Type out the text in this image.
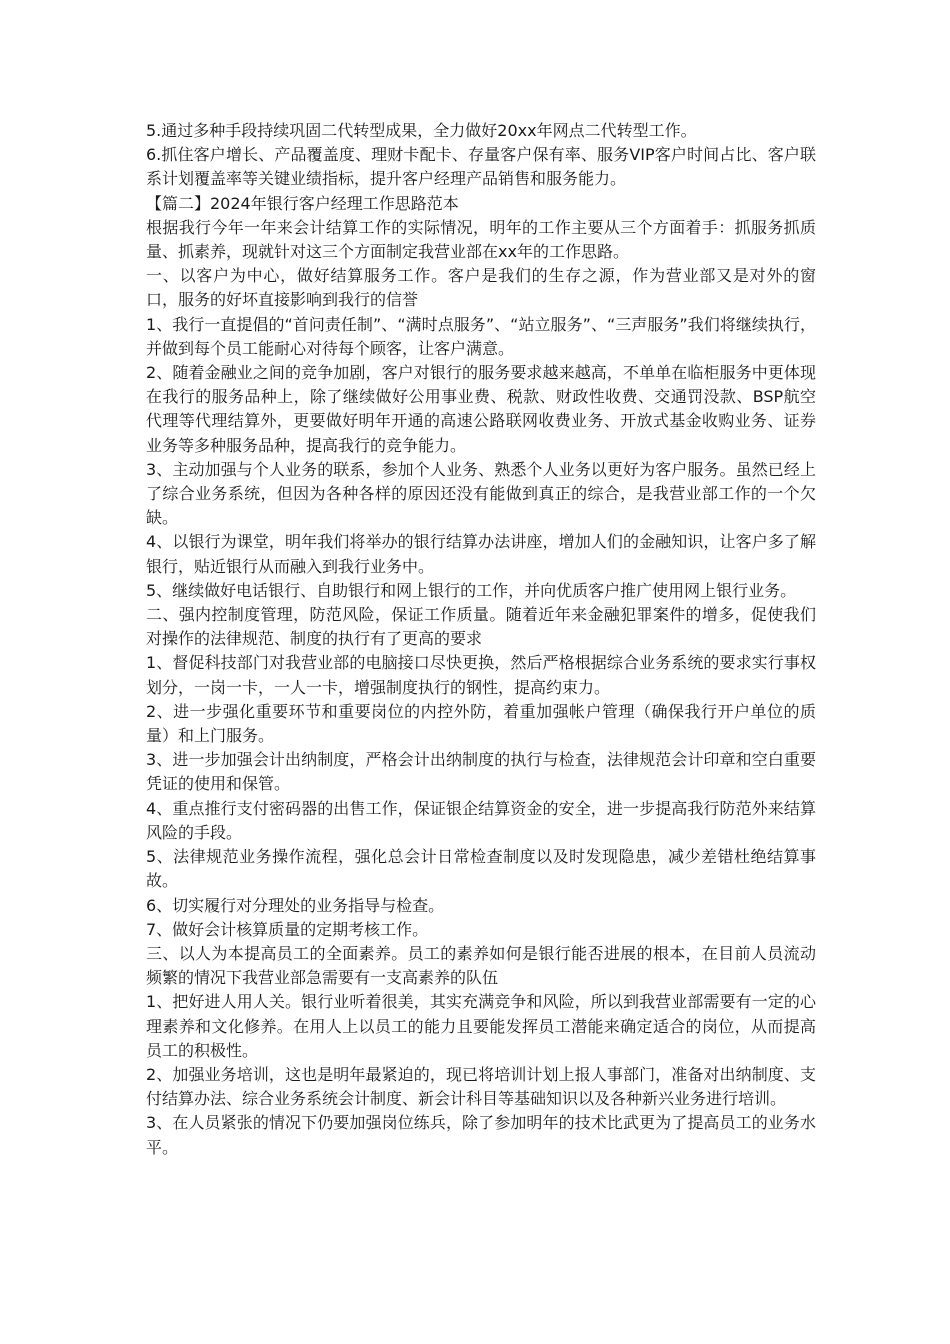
5.通过多种手段持续巩固二代转型成果，全力做好20xx年网点二代转型工作。

6.抓住客户增长、产品覆盖度、理财卡配卡、存量客户保有率、服务VIP客户时间占比、客户联系计划覆盖率等关键业绩指标，提升客户经理产品销售和服务能力。

【篇二】2024年银行客户经理工作思路范本

根据我行今年一年来会计结算工作的实际情况，明年的工作主要从三个方面着手：抓服务抓质量、抓素养，现就针对这三个方面制定我营业部在xx年的工作思路。

一、以客户为中心，做好结算服务工作。客户是我们的生存之源，作为营业部又是对外的窗口，服务的好坏直接影响到我行的信誉

1、我行一直提倡的“首问责任制”、“满时点服务”、“站立服务”、“三声服务”我们将继续执行，并做到每个员工能耐心对待每个顾客，让客户满意。

2、随着金融业之间的竞争加剧，客户对银行的服务要求越来越高，不单单在临柜服务中更体现在我行的服务品种上，除了继续做好公用事业费、税款、财政性收费、交通罚没款、BSP航空代理等代理结算外，更要做好明年开通的高速公路联网收费业务、开放式基金收购业务、证券业务等多种服务品种，提高我行的竞争能力。

3、主动加强与个人业务的联系，参加个人业务、熟悉个人业务以更好为客户服务。虽然已经上了综合业务系统，但因为各种各样的原因还没有能做到真正的综合，是我营业部工作的一个欠缺。

4、以银行为课堂，明年我们将举办的银行结算办法讲座，增加人们的金融知识，让客户多了解银行，贴近银行从而融入到我行业务中。

5、继续做好电话银行、自助银行和网上银行的工作，并向优质客户推广使用网上银行业务。

二、强内控制度管理，防范风险，保证工作质量。随着近年来金融犯罪案件的增多，促使我们对操作的法律规范、制度的执行有了更高的要求

1、督促科技部门对我营业部的电脑接口尽快更换，然后严格根据综合业务系统的要求实行事权划分，一岗一卡，一人一卡，增强制度执行的钢性，提高约束力。

2、进一步强化重要环节和重要岗位的内控外防，着重加强帐户管理（确保我行开户单位的质量）和上门服务。

3、进一步加强会计出纳制度，严格会计出纳制度的执行与检查，法律规范会计印章和空白重要凭证的使用和保管。

4、重点推行支付密码器的出售工作，保证银企结算资金的安全，进一步提高我行防范外来结算风险的手段。

5、法律规范业务操作流程，强化总会计日常检查制度以及时发现隐患，减少差错杜绝结算事故。

6、切实履行对分理处的业务指导与检查。

7、做好会计核算质量的定期考核工作。

三、以人为本提高员工的全面素养。员工的素养如何是银行能否进展的根本，在目前人员流动频繁的情况下我营业部急需要有一支高素养的队伍

1、把好进人用人关。银行业听着很美，其实充满竞争和风险，所以到我营业部需要有一定的心理素养和文化修养。在用人上以员工的能力且要能发挥员工潜能来确定适合的岗位，从而提高员工的积极性。

2、加强业务培训，这也是明年最紧迫的，现已将培训计划上报人事部门，准备对出纳制度、支付结算办法、综合业务系统会计制度、新会计科目等基础知识以及各种新兴业务进行培训。

3、在人员紧张的情况下仍要加强岗位练兵，除了参加明年的技术比武更为了提高员工的业务水平。
